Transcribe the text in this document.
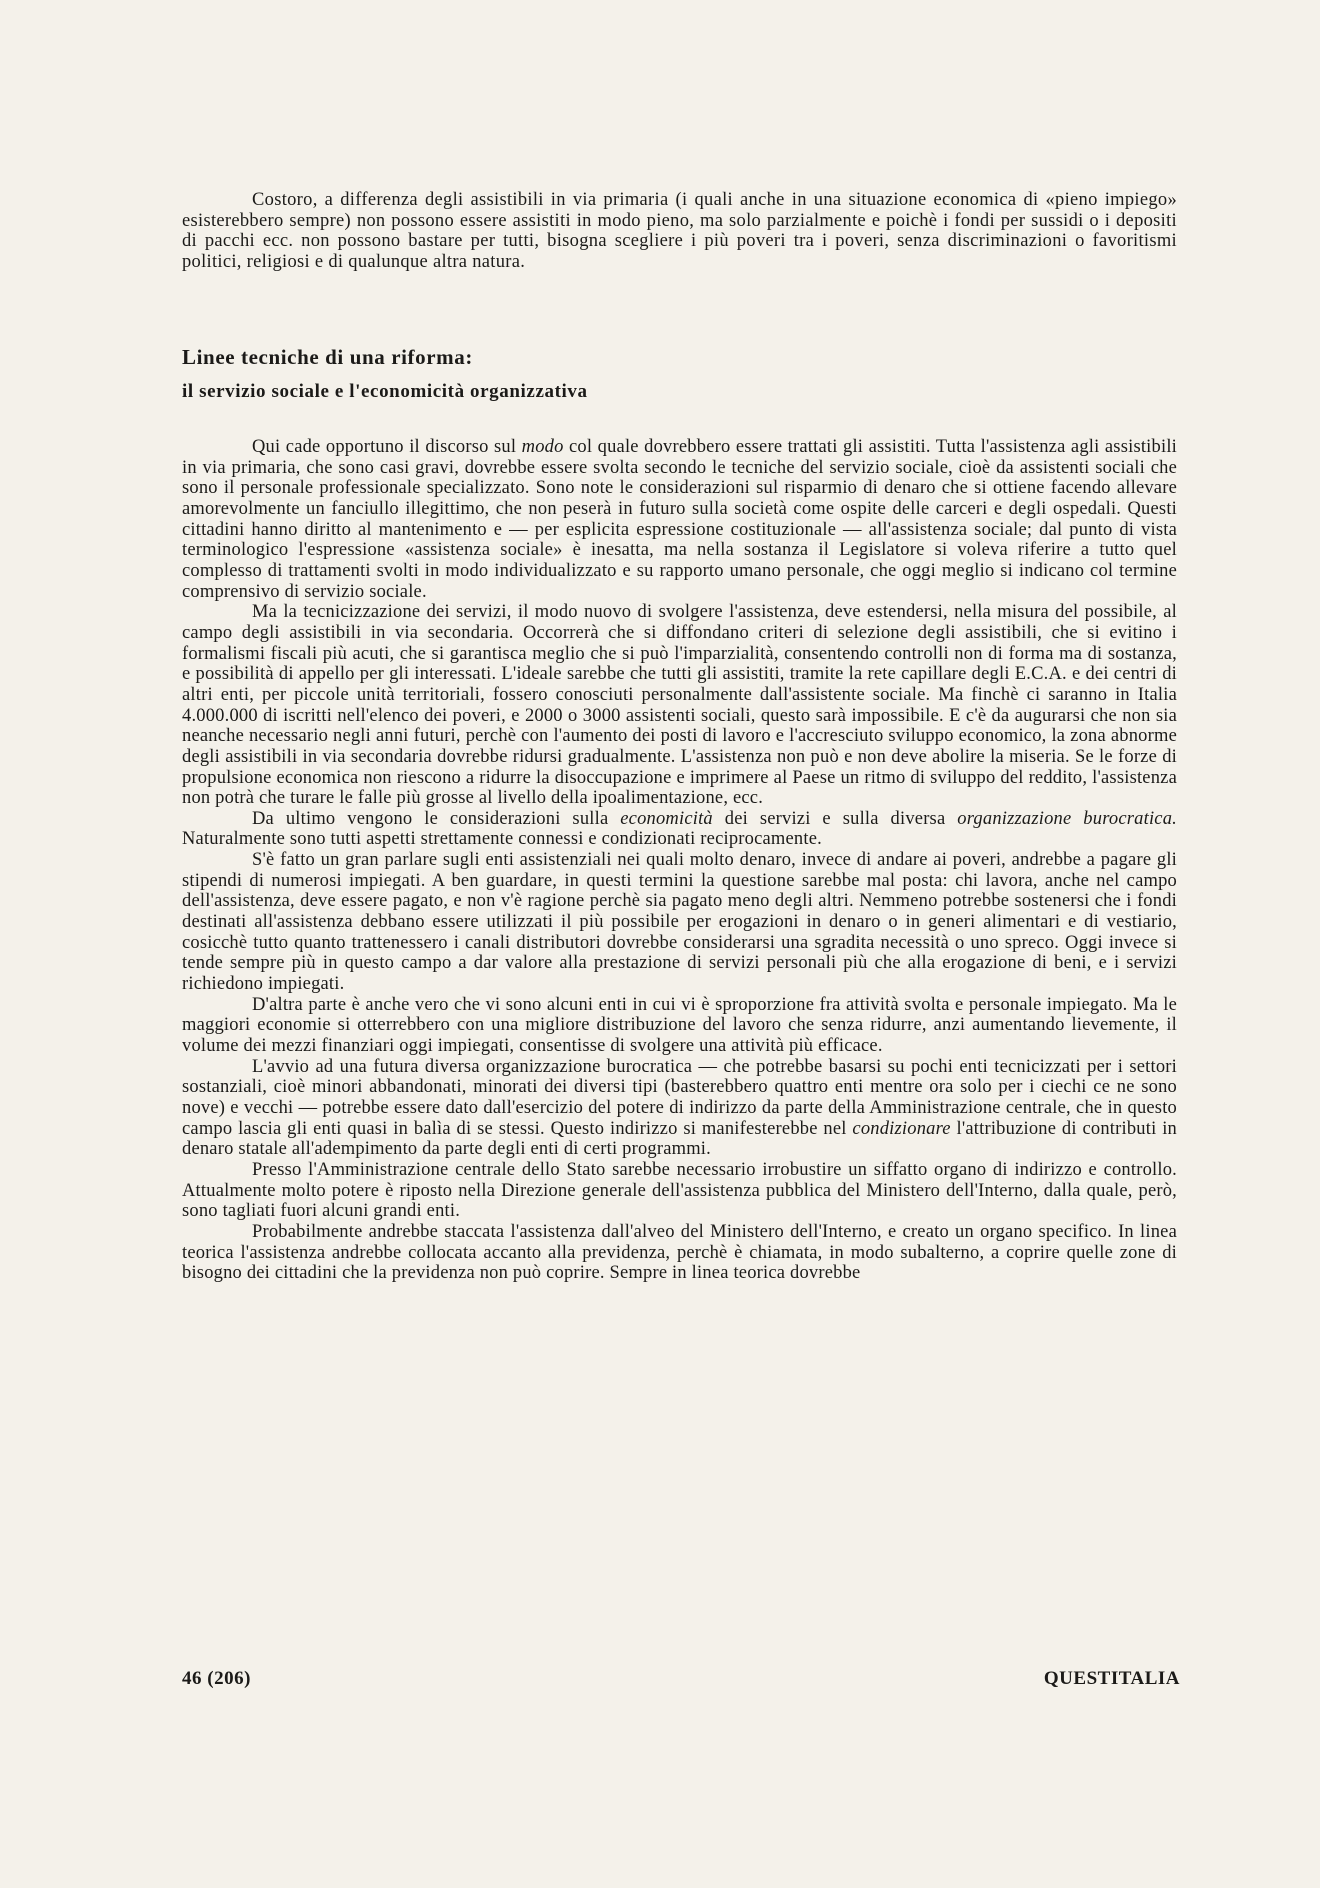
Costoro, a differenza degli assistibili in via primaria (i quali anche in una situazione economica di «pieno impiego» esisterebbero sempre) non possono essere assistiti in modo pieno, ma solo parzialmente e poichè i fondi per sussidi o i depositi di pacchi ecc. non possono bastare per tutti, bisogna scegliere i più poveri tra i poveri, senza discriminazioni o favoritismi politici, religiosi e di qualunque altra natura.

Linee tecniche di una riforma:
il servizio sociale e l'economicità organizzativa

Qui cade opportuno il discorso sul modo col quale dovrebbero essere trattati gli assistiti. Tutta l'assistenza agli assistibili in via primaria, che sono casi gravi, dovrebbe essere svolta secondo le tecniche del servizio sociale, cioè da assistenti sociali che sono il personale professionale specializzato. Sono note le considerazioni sul risparmio di denaro che si ottiene facendo allevare amorevolmente un fanciullo illegittimo, che non peserà in futuro sulla società come ospite delle carceri e degli ospedali. Questi cittadini hanno diritto al mantenimento e — per esplicita espressione costituzionale — all'assistenza sociale; dal punto di vista terminologico l'espressione «assistenza sociale» è inesatta, ma nella sostanza il Legislatore si voleva riferire a tutto quel complesso di trattamenti svolti in modo individualizzato e su rapporto umano personale, che oggi meglio si indicano col termine comprensivo di servizio sociale.

Ma la tecnicizzazione dei servizi, il modo nuovo di svolgere l'assistenza, deve estendersi, nella misura del possibile, al campo degli assistibili in via secondaria. Occorrerà che si diffondano criteri di selezione degli assistibili, che si evitino i formalismi fiscali più acuti, che si garantisca meglio che si può l'imparzialità, consentendo controlli non di forma ma di sostanza, e possibilità di appello per gli interessati. L'ideale sarebbe che tutti gli assistiti, tramite la rete capillare degli E.C.A. e dei centri di altri enti, per piccole unità territoriali, fossero conosciuti personalmente dall'assistente sociale. Ma finchè ci saranno in Italia 4.000.000 di iscritti nell'elenco dei poveri, e 2000 o 3000 assistenti sociali, questo sarà impossibile. E c'è da augurarsi che non sia neanche necessario negli anni futuri, perchè con l'aumento dei posti di lavoro e l'accresciuto sviluppo economico, la zona abnorme degli assistibili in via secondaria dovrebbe ridursi gradualmente. L'assistenza non può e non deve abolire la miseria. Se le forze di propulsione economica non riescono a ridurre la disoccupazione e imprimere al Paese un ritmo di sviluppo del reddito, l'assistenza non potrà che turare le falle più grosse al livello della ipoalimentazione, ecc.

Da ultimo vengono le considerazioni sulla economicità dei servizi e sulla diversa organizzazione burocratica. Naturalmente sono tutti aspetti strettamente connessi e condizionati reciprocamente.

S'è fatto un gran parlare sugli enti assistenziali nei quali molto denaro, invece di andare ai poveri, andrebbe a pagare gli stipendi di numerosi impiegati. A ben guardare, in questi termini la questione sarebbe mal posta: chi lavora, anche nel campo dell'assistenza, deve essere pagato, e non v'è ragione perchè sia pagato meno degli altri. Nemmeno potrebbe sostenersi che i fondi destinati all'assistenza debbano essere utilizzati il più possibile per erogazioni in denaro o in generi alimentari e di vestiario, cosicchè tutto quanto trattenessero i canali distributori dovrebbe considerarsi una sgradita necessità o uno spreco. Oggi invece si tende sempre più in questo campo a dar valore alla prestazione di servizi personali più che alla erogazione di beni, e i servizi richiedono impiegati.

D'altra parte è anche vero che vi sono alcuni enti in cui vi è sproporzione fra attività svolta e personale impiegato. Ma le maggiori economie si otterrebbero con una migliore distribuzione del lavoro che senza ridurre, anzi aumentando lievemente, il volume dei mezzi finanziari oggi impiegati, consentisse di svolgere una attività più efficace.

L'avvio ad una futura diversa organizzazione burocratica — che potrebbe basarsi su pochi enti tecnicizzati per i settori sostanziali, cioè minori abbandonati, minorati dei diversi tipi (basterebbero quattro enti mentre ora solo per i ciechi ce ne sono nove) e vecchi — potrebbe essere dato dall'esercizio del potere di indirizzo da parte della Amministrazione centrale, che in questo campo lascia gli enti quasi in balìa di se stessi. Questo indirizzo si manifesterebbe nel condizionare l'attribuzione di contributi in denaro statale all'adempimento da parte degli enti di certi programmi.

Presso l'Amministrazione centrale dello Stato sarebbe necessario irrobustire un siffatto organo di indirizzo e controllo. Attualmente molto potere è riposto nella Direzione generale dell'assistenza pubblica del Ministero dell'Interno, dalla quale, però, sono tagliati fuori alcuni grandi enti.

Probabilmente andrebbe staccata l'assistenza dall'alveo del Ministero dell'Interno, e creato un organo specifico. In linea teorica l'assistenza andrebbe collocata accanto alla previdenza, perchè è chiamata, in modo subalterno, a coprire quelle zone di bisogno dei cittadini che la previdenza non può coprire. Sempre in linea teorica dovrebbe

46 (206)	QUESTITALIA
